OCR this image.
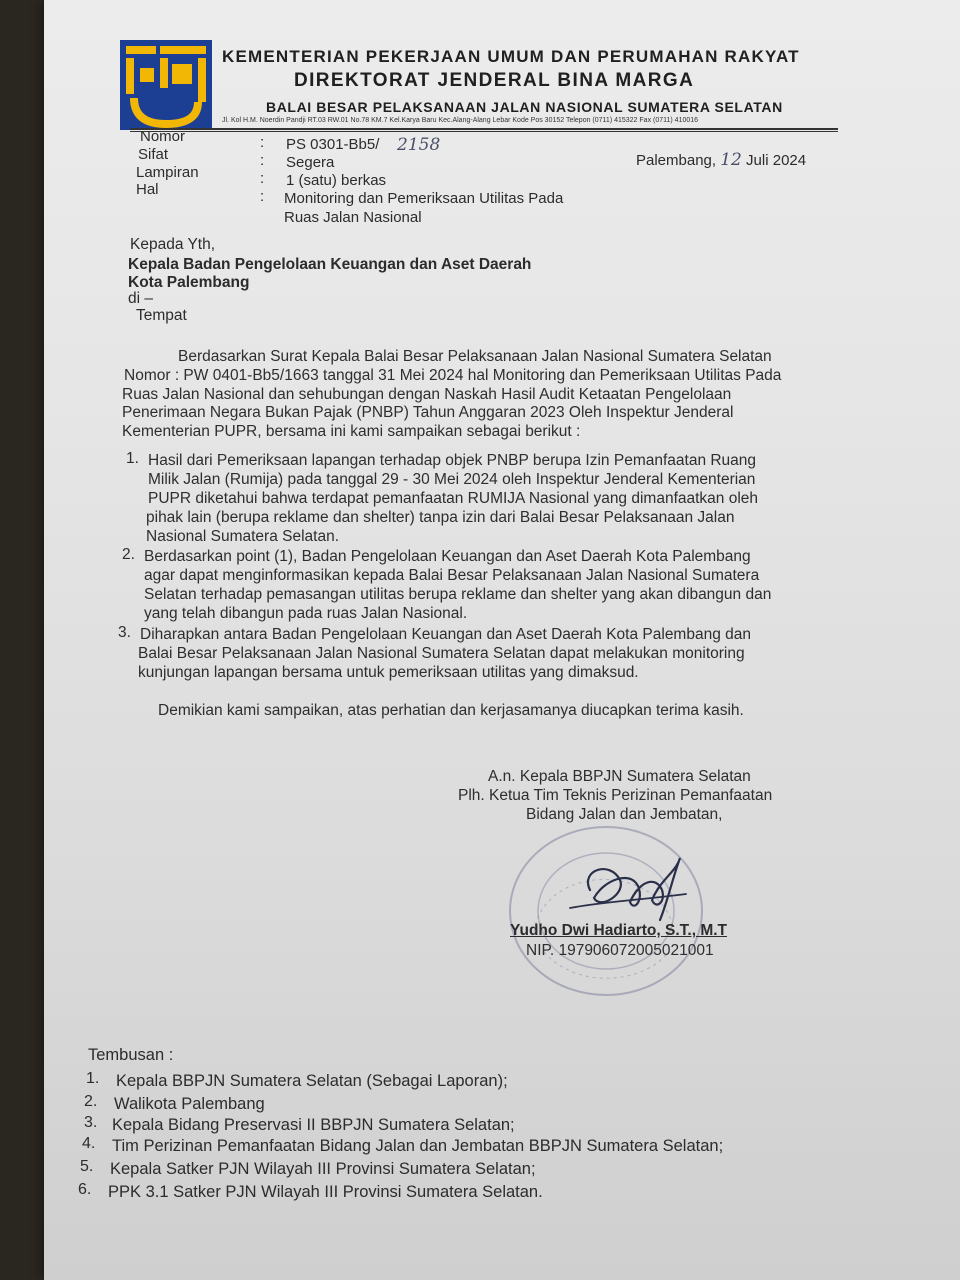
KEMENTERIAN PEKERJAAN UMUM DAN PERUMAHAN RAKYAT
DIREKTORAT JENDERAL BINA MARGA
BALAI BESAR PELAKSANAAN JALAN NASIONAL SUMATERA SELATAN
Jl. Kol H.M. Noerdin Pandji RT.03 RW.01 No.78 KM.7 Kel.Karya Baru Kec.Alang-Alang Lebar Kode Pos 30152 Telepon (0711) 415322 Fax (0711) 410016
Nomor	: PS 0301-Bb5/ 2158
Sifat	: Segera
Lampiran	: 1 (satu) berkas
Hal	: Monitoring dan Pemeriksaan Utilitas Pada
Ruas Jalan Nasional
Palembang, 12 Juli 2024
Kepada Yth,
Kepala Badan Pengelolaan Keuangan dan Aset Daerah
Kota Palembang
di –
Tempat
Berdasarkan Surat Kepala Balai Besar Pelaksanaan Jalan Nasional Sumatera Selatan
Nomor : PW 0401-Bb5/1663 tanggal 31 Mei 2024 hal Monitoring dan Pemeriksaan Utilitas Pada
Ruas Jalan Nasional dan sehubungan dengan Naskah Hasil Audit Ketaatan Pengelolaan
Penerimaan Negara Bukan Pajak (PNBP) Tahun Anggaran 2023 Oleh Inspektur Jenderal
Kementerian PUPR, bersama ini kami sampaikan sebagai berikut :
1. Hasil dari Pemeriksaan lapangan terhadap objek PNBP berupa Izin Pemanfaatan Ruang
Milik Jalan (Rumija) pada tanggal 29 - 30 Mei 2024 oleh Inspektur Jenderal Kementerian
PUPR diketahui bahwa terdapat pemanfaatan RUMIJA Nasional yang dimanfaatkan oleh
pihak lain (berupa reklame dan shelter) tanpa izin dari Balai Besar Pelaksanaan Jalan
Nasional Sumatera Selatan.
2. Berdasarkan point (1), Badan Pengelolaan Keuangan dan Aset Daerah Kota Palembang
agar dapat menginformasikan kepada Balai Besar Pelaksanaan Jalan Nasional Sumatera
Selatan terhadap pemasangan utilitas berupa reklame dan shelter yang akan dibangun dan
yang telah dibangun pada ruas Jalan Nasional.
3. Diharapkan antara Badan Pengelolaan Keuangan dan Aset Daerah Kota Palembang dan
Balai Besar Pelaksanaan Jalan Nasional Sumatera Selatan dapat melakukan monitoring
kunjungan lapangan bersama untuk pemeriksaan utilitas yang dimaksud.
Demikian kami sampaikan, atas perhatian dan kerjasamanya diucapkan terima kasih.
A.n. Kepala BBPJN Sumatera Selatan
Plh. Ketua Tim Teknis Perizinan Pemanfaatan
Bidang Jalan dan Jembatan,
Yudho Dwi Hadiarto, S.T., M.T
NIP. 197906072005021001
Tembusan :
1. Kepala BBPJN Sumatera Selatan (Sebagai Laporan);
2. Walikota Palembang
3. Kepala Bidang Preservasi II BBPJN Sumatera Selatan;
4. Tim Perizinan Pemanfaatan Bidang Jalan dan Jembatan BBPJN Sumatera Selatan;
5. Kepala Satker PJN Wilayah III Provinsi Sumatera Selatan;
6. PPK 3.1 Satker PJN Wilayah III Provinsi Sumatera Selatan.
